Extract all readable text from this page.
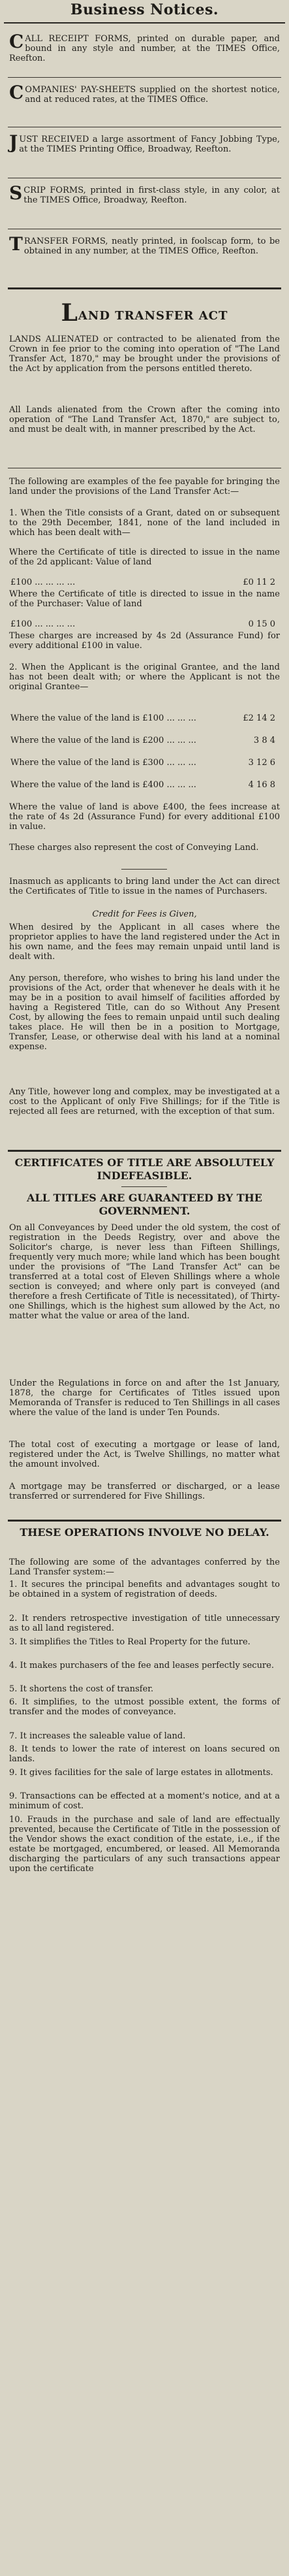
Business Notices.

CALL RECEIPT FORMS, printed on durable paper, and bound in any style and number, at the TIMES Office, Reefton.

COMPANIES' PAY-SHEETS supplied on the shortest notice, and at reduced rates, at the TIMES Office.

JUST RECEIVED a large assortment of Fancy Jobbing Type, at the TIMES Printing Office, Broadway, Reefton.

SCRIP FORMS, printed in first-class style, in any color, at the TIMES Office, Broadway, Reefton.

TRANSFER FORMS, neatly printed, in foolscap form, to be obtained in any number, at the TIMES Office, Reefton.

LAND TRANSFER ACT
LANDS ALIENATED or contracted to be alienated from the Crown in fee prior to the coming into operation of "The Land Transfer Act, 1870," may be brought under the provisions of the Act by application from the persons entitled thereto.
All Lands alienated from the Crown after the coming into operation of "The Land Transfer Act, 1870," are subject to, and must be dealt with, in manner prescribed by the Act.
The following are examples of the fee payable for bringing the land under the provisions of the Land Transfer Act:—
1. When the Title consists of a Grant, dated on or subsequent to the 29th December, 1841, none of the land included in which has been dealt with—
Where the Certificate of title is directed to issue in the name of the 2d applicant: Value of land
£100 ... ... ... ...	£0 11 2
Where the Certificate of title is directed to issue in the name of the Purchaser: Value of land
£100 ... ... ... ...	0 15 0
These charges are increased by 4s 2d (Assurance Fund) for every additional £100 in value.
2. When the Applicant is the original Grantee, and the land has not been dealt with; or where the Applicant is not the original Grantee—
Where the value of the land is £100 ... ... ...	£2 14 2
Where the value of the land is £200 ... ... ...	3 8 4
Where the value of the land is £300 ... ... ...	3 12 6
Where the value of the land is £400 ... ... ...	4 16 8
Where the value of land is above £400, the fees increase at the rate of 4s 2d (Assurance Fund) for every additional £100 in value.
These charges also represent the cost of Conveying Land.
Inasmuch as applicants to bring land under the Act can direct the Certificates of Title to issue in the names of Purchasers.
Credit for Fees is Given,
When desired by the Applicant in all cases where the proprietor applies to have the land registered under the Act in his own name, and the fees may remain unpaid until land is dealt with.
Any person, therefore, who wishes to bring his land under the provisions of the Act, order that whenever he deals with it he may be in a position to avail himself of facilities afforded by having a Registered Title, can do so Without Any Present Cost, by allowing the fees to remain unpaid until such dealing takes place. He will then be in a position to Mortgage, Transfer, Lease, or otherwise deal with his land at a nominal expense.
Any Title, however long and complex, may be investigated at a cost to the Applicant of only Five Shillings; for if the Title is rejected all fees are returned, with the exception of that sum.
CERTIFICATES OF TITLE ARE ABSOLUTELY INDEFEASIBLE.
ALL TITLES ARE GUARANTEED BY THE GOVERNMENT.
On all Conveyances by Deed under the old system, the cost of registration in the Deeds Registry, over and above the Solicitor's charge, is never less than Fifteen Shillings, frequently very much more; while land which has been bought under the provisions of "The Land Transfer Act" can be transferred at a total cost of Eleven Shillings where a whole section is conveyed; and where only part is conveyed (and therefore a fresh Certificate of Title is necessitated), of Thirty-one Shillings, which is the highest sum allowed by the Act, no matter what the value or area of the land.
Under the Regulations in force on and after the 1st January, 1878, the charge for Certificates of Titles issued upon Memoranda of Transfer is reduced to Ten Shillings in all cases where the value of the land is under Ten Pounds.
The total cost of executing a mortgage or lease of land, registered under the Act, is Twelve Shillings, no matter what the amount involved.
A mortgage may be transferred or discharged, or a lease transferred or surrendered for Five Shillings.
THESE OPERATIONS INVOLVE NO DELAY.
The following are some of the advantages conferred by the Land Transfer system:—
1. It secures the principal benefits and advantages sought to be obtained in a system of registration of deeds.
2. It renders retrospective investigation of title unnecessary as to all land registered.
3. It simplifies the Titles to Real Property for the future.
4. It makes purchasers of the fee and leases perfectly secure.
5. It shortens the cost of transfer.
6. It simplifies, to the utmost possible extent, the forms of transfer and the modes of conveyance.
7. It increases the saleable value of land.
8. It tends to lower the rate of interest on loans secured on lands.
9. It gives facilities for the sale of large estates in allotments.
9. Transactions can be effected at a moment's notice, and at a minimum of cost.
10. Frauds in the purchase and sale of land are effectually prevented, because the Certificate of Title in the possession of the Vendor shows the exact condition of the estate, i.e., if the estate be mortgaged, encumbered, or leased. All Memoranda discharging the particulars of any such transactions appear upon the certificate
